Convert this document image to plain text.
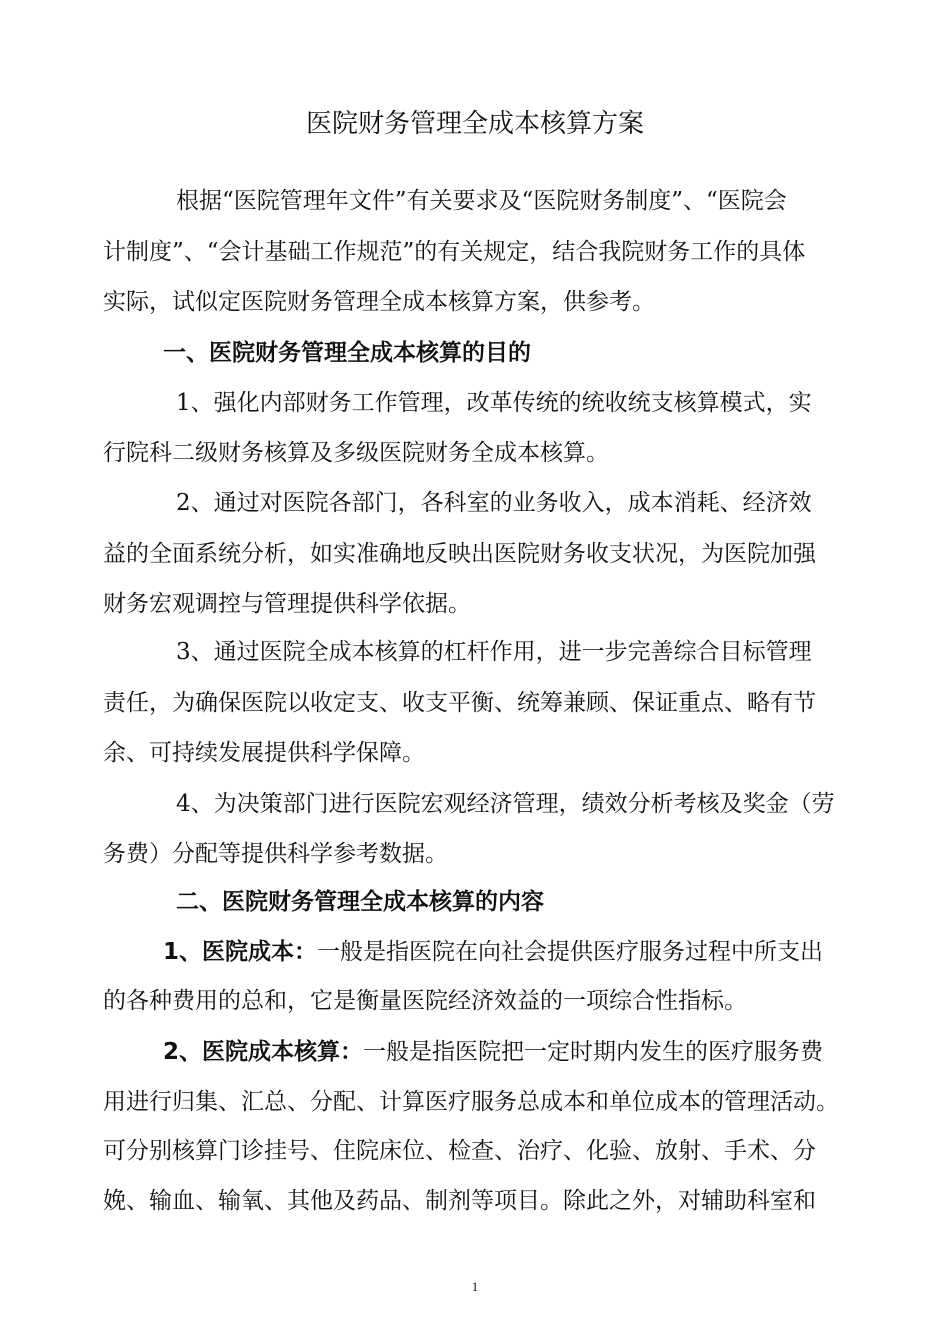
医院财务管理全成本核算方案

根据“医院管理年文件”有关要求及“医院财务制度”、“医院会

计制度”、“会计基础工作规范”的有关规定，结合我院财务工作的具体

实际，试似定医院财务管理全成本核算方案，供参考。

一、医院财务管理全成本核算的目的

1、强化内部财务工作管理，改革传统的统收统支核算模式，实

行院科二级财务核算及多级医院财务全成本核算。

2、通过对医院各部门，各科室的业务收入，成本消耗、经济效

益的全面系统分析，如实准确地反映出医院财务收支状况，为医院加强

财务宏观调控与管理提供科学依据。

3、通过医院全成本核算的杠杆作用，进一步完善综合目标管理

责任，为确保医院以收定支、收支平衡、统筹兼顾、保证重点、略有节

余、可持续发展提供科学保障。

4、为决策部门进行医院宏观经济管理，绩效分析考核及奖金（劳

务费）分配等提供科学参考数据。

二、医院财务管理全成本核算的内容

1、医院成本：一般是指医院在向社会提供医疗服务过程中所支出

的各种费用的总和，它是衡量医院经济效益的一项综合性指标。

2、医院成本核算：一般是指医院把一定时期内发生的医疗服务费

用进行归集、汇总、分配、计算医疗服务总成本和单位成本的管理活动。

可分别核算门诊挂号、住院床位、检查、治疗、化验、放射、手术、分

娩、输血、输氧、其他及药品、制剂等项目。除此之外，对辅助科室和

1
